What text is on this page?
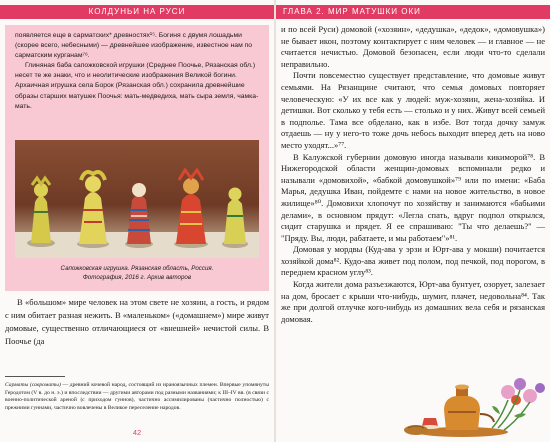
КОЛДУНЬИ НА РУСИ	ГЛАВА 2. МИР МАТУШКИ ОКИ

появляется еще в сарматских* древностях¹⁵. Богиня с двумя лошадьми (скорее всего, небесными) — древнейшее изображение, известное нам по сарматским курганам⁷⁶.

Глиняная баба сапожковской игрушки (Среднее Поочье, Рязанская обл.) несет те же знаки, что и неолитические изображения Великой богини. Архаичная игрушка села Борок (Рязанская обл.) сохранила древнейшие образы старших матушек Поочья: мать-медведиха, мать сыра земля, чамка-мать.

Сапожковская игрушка. Рязанская область, Россия.
Фотография, 2016 г. Архив авторов

В «большом» мире человек на этом свете не хозяин, а гость, и рядом с ним обитает разная нежить. В «маленьком» («домашнем») мире живут домовые, существенно отличающиеся от «внешней» нечистой силы. В Поочье (да

Сарматы (савроматы) — древний кочевой народ, состоящий из ираноязычных племен. Впервые упомянуты Геродотом (V в. до н. э.) и впоследствии — другими авторами под разными названиями; к III–IV вв. (в связи с военно-политической ареной (с приходом гуннов), частично ассимилированы (частично полностью) с прежними гуннами, частично вовлечены в Великое переселение народов.

42

и по всей Руси) домовой («хозяин», «дедушка», «дедок», «домовушка») не бывает икон, поэтому контактирует с ним человек — и главное — не считается нечистью. Домовой безопасен, если люди что-то сделали неправильно.

Почти повсеместно существует представление, что домовые живут семьями. На Рязанщине считают, что семья домовых повторяет человеческую: «У их все как у людей: муж-хозяин, жена-хозяйка. И детишки. Вот сколько у тебя есть — столько и у них. Живут всей семьей в подполье. Тама все обделано, как в избе. Вот тогда дочку замуж отдаешь — ну у него-то тоже дочь небось выходит вперед деть на ново место уходят...»⁷⁷.

В Калужской губернии домовую иногда называли кикиморой⁷⁸. В Нижегородской области женщин-домовых вспоминали редко и называли «домовихой», «бабкой домовушкой»⁷⁹ или по имени: «Баба Марья, дедушка Иван, пойдемте с нами на новое жительство, в новое жилище»⁸⁰. Домовихи хлопочут по хозяйству и занимаются «бабьими делами», в основном прядут: «Легла спать, вдруг подпол открылся, сидит старушка и прядет. Я ее спрашиваю: "Ты что делаешь?" — "Пряду. Вы, люди, рабатаете, и мы работаем"»⁸¹.

Домовая у мордвы (Куд-ава у эрзи и Юрт-ава у мокши) почитается хозяйкой дома⁸². Кудо-ава живет под полом, под печкой, под порогом, в переднем красном углу⁸³.

Когда жители дома разъезжаются, Юрт-ава бунтует, озорует, залезает на дом, бросает с крыши что-нибудь, шумит, плачет, недовольна⁸⁴. Так же при долгой отлучке кого-нибудь из домашних вела себя и рязанская домовая.
